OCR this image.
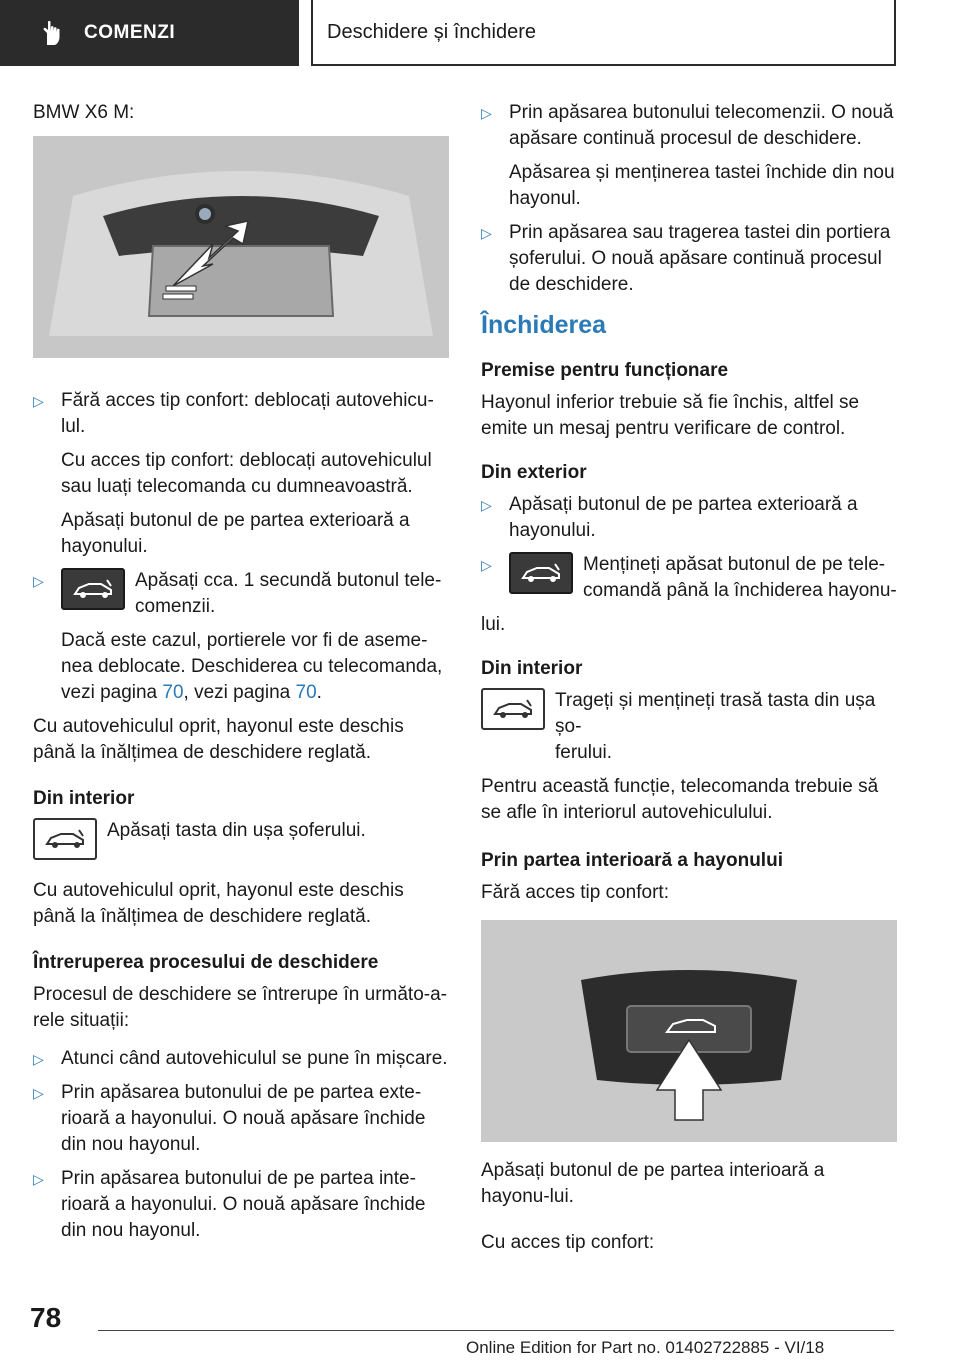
COMENZI	Deschidere și închidere

BMW X6 M:

▷ Fără acces tip confort: deblocați autovehicu-
lul.

Cu acces tip confort: deblocați autovehiculul sau luați telecomanda cu dumneavoastră.

Apăsați butonul de pe partea exterioară a hayonului.

▷	Apăsați cca. 1 secundă butonul tele-
comenzii.

Dacă este cazul, portierele vor fi de aseme-nea deblocate. Deschiderea cu telecomanda, vezi pagina 70, vezi pagina 70.

Cu autovehiculul oprit, hayonul este deschis până la înălțimea de deschidere reglată.

Din interior
Apăsați tasta din ușa șoferului.

Cu autovehiculul oprit, hayonul este deschis până la înălțimea de deschidere reglată.

Întreruperea procesului de deschidere

Procesul de deschidere se întrerupe în următo-a-rele situații:

▷ Atunci când autovehiculul se pune în mișcare.

▷ Prin apăsarea butonului de pe partea exte-rioară a hayonului. O nouă apăsare închide din nou hayonul.

▷ Prin apăsarea butonului de pe partea inte-rioară a hayonului. O nouă apăsare închide din nou hayonul.

▷ Prin apăsarea butonului telecomenzii. O nouă apăsare continuă procesul de deschidere.

Apăsarea și menținerea tastei închide din nou hayonul.

▷ Prin apăsarea sau tragerea tastei din portiera șoferului. O nouă apăsare continuă procesul de deschidere.

Închiderea
Premise pentru funcționare

Hayonul inferior trebuie să fie închis, altfel se emite un mesaj pentru verificare de control.

Din exterior
▷ Apăsați butonul de pe partea exterioară a hayonului.

▷	Mențineți apăsat butonul de pe tele-
comandă până la închiderea hayonu-

lui.

Din interior
Trageți și mențineți trasă tasta din ușa șo-
ferului.

Pentru această funcție, telecomanda trebuie să se afle în interiorul autovehiculului.

Prin partea interioară a hayonului

Fără acces tip confort:

Apăsați butonul de pe partea interioară a hayonu-lui.

Cu acces tip confort:

78
Online Edition for Part no. 01402722885 - VI/18
